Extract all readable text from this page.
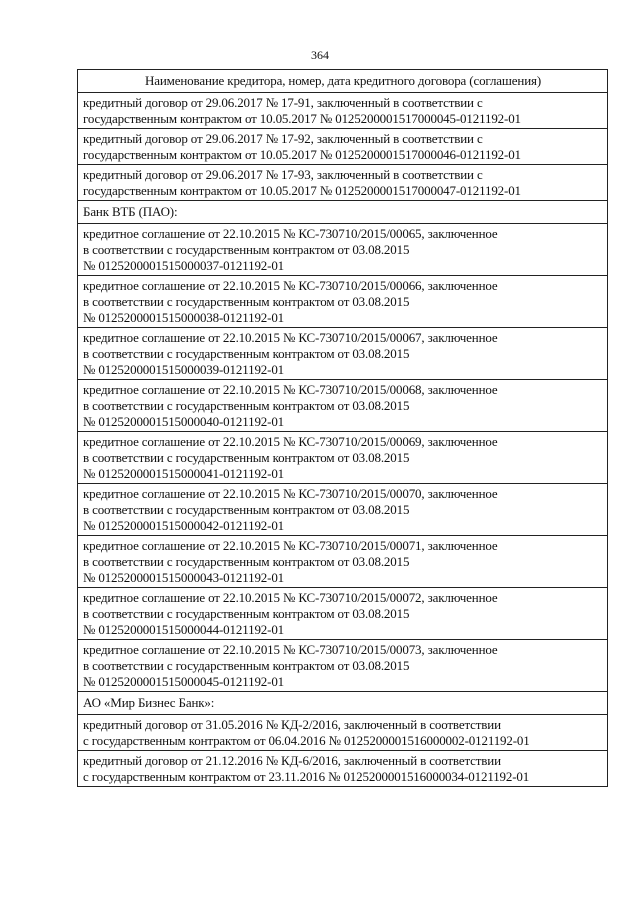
364
Наименование кредитора, номер, дата кредитного договора (соглашения)
кредитный договор от 29.06.2017 № 17-91, заключенный в соответствии с
государственным контрактом от 10.05.2017 № 0125200001517000045-0121192-01
кредитный договор от 29.06.2017 № 17-92, заключенный в соответствии с
государственным контрактом от 10.05.2017 № 0125200001517000046-0121192-01
кредитный договор от 29.06.2017 № 17-93, заключенный в соответствии с
государственным контрактом от 10.05.2017 № 0125200001517000047-0121192-01
Банк ВТБ (ПАО):
кредитное соглашение от 22.10.2015 № КС-730710/2015/00065, заключенное
в соответствии с государственным контрактом от 03.08.2015
№ 0125200001515000037-0121192-01
кредитное соглашение от 22.10.2015 № КС-730710/2015/00066, заключенное
в соответствии с государственным контрактом от 03.08.2015
№ 0125200001515000038-0121192-01
кредитное соглашение от 22.10.2015 № КС-730710/2015/00067, заключенное
в соответствии с государственным контрактом от 03.08.2015
№ 0125200001515000039-0121192-01
кредитное соглашение от 22.10.2015 № КС-730710/2015/00068, заключенное
в соответствии с государственным контрактом от 03.08.2015
№ 0125200001515000040-0121192-01
кредитное соглашение от 22.10.2015 № КС-730710/2015/00069, заключенное
в соответствии с государственным контрактом от 03.08.2015
№ 0125200001515000041-0121192-01
кредитное соглашение от 22.10.2015 № КС-730710/2015/00070, заключенное
в соответствии с государственным контрактом от 03.08.2015
№ 0125200001515000042-0121192-01
кредитное соглашение от 22.10.2015 № КС-730710/2015/00071, заключенное
в соответствии с государственным контрактом от 03.08.2015
№ 0125200001515000043-0121192-01
кредитное соглашение от 22.10.2015 № КС-730710/2015/00072, заключенное
в соответствии с государственным контрактом от 03.08.2015
№ 0125200001515000044-0121192-01
кредитное соглашение от 22.10.2015 № КС-730710/2015/00073, заключенное
в соответствии с государственным контрактом от 03.08.2015
№ 0125200001515000045-0121192-01
АО «Мир Бизнес Банк»:
кредитный договор от 31.05.2016 № КД-2/2016, заключенный в соответствии
с государственным контрактом от 06.04.2016 № 0125200001516000002-0121192-01
кредитный договор от 21.12.2016 № КД-6/2016, заключенный в соответствии
с государственным контрактом от 23.11.2016 № 0125200001516000034-0121192-01
